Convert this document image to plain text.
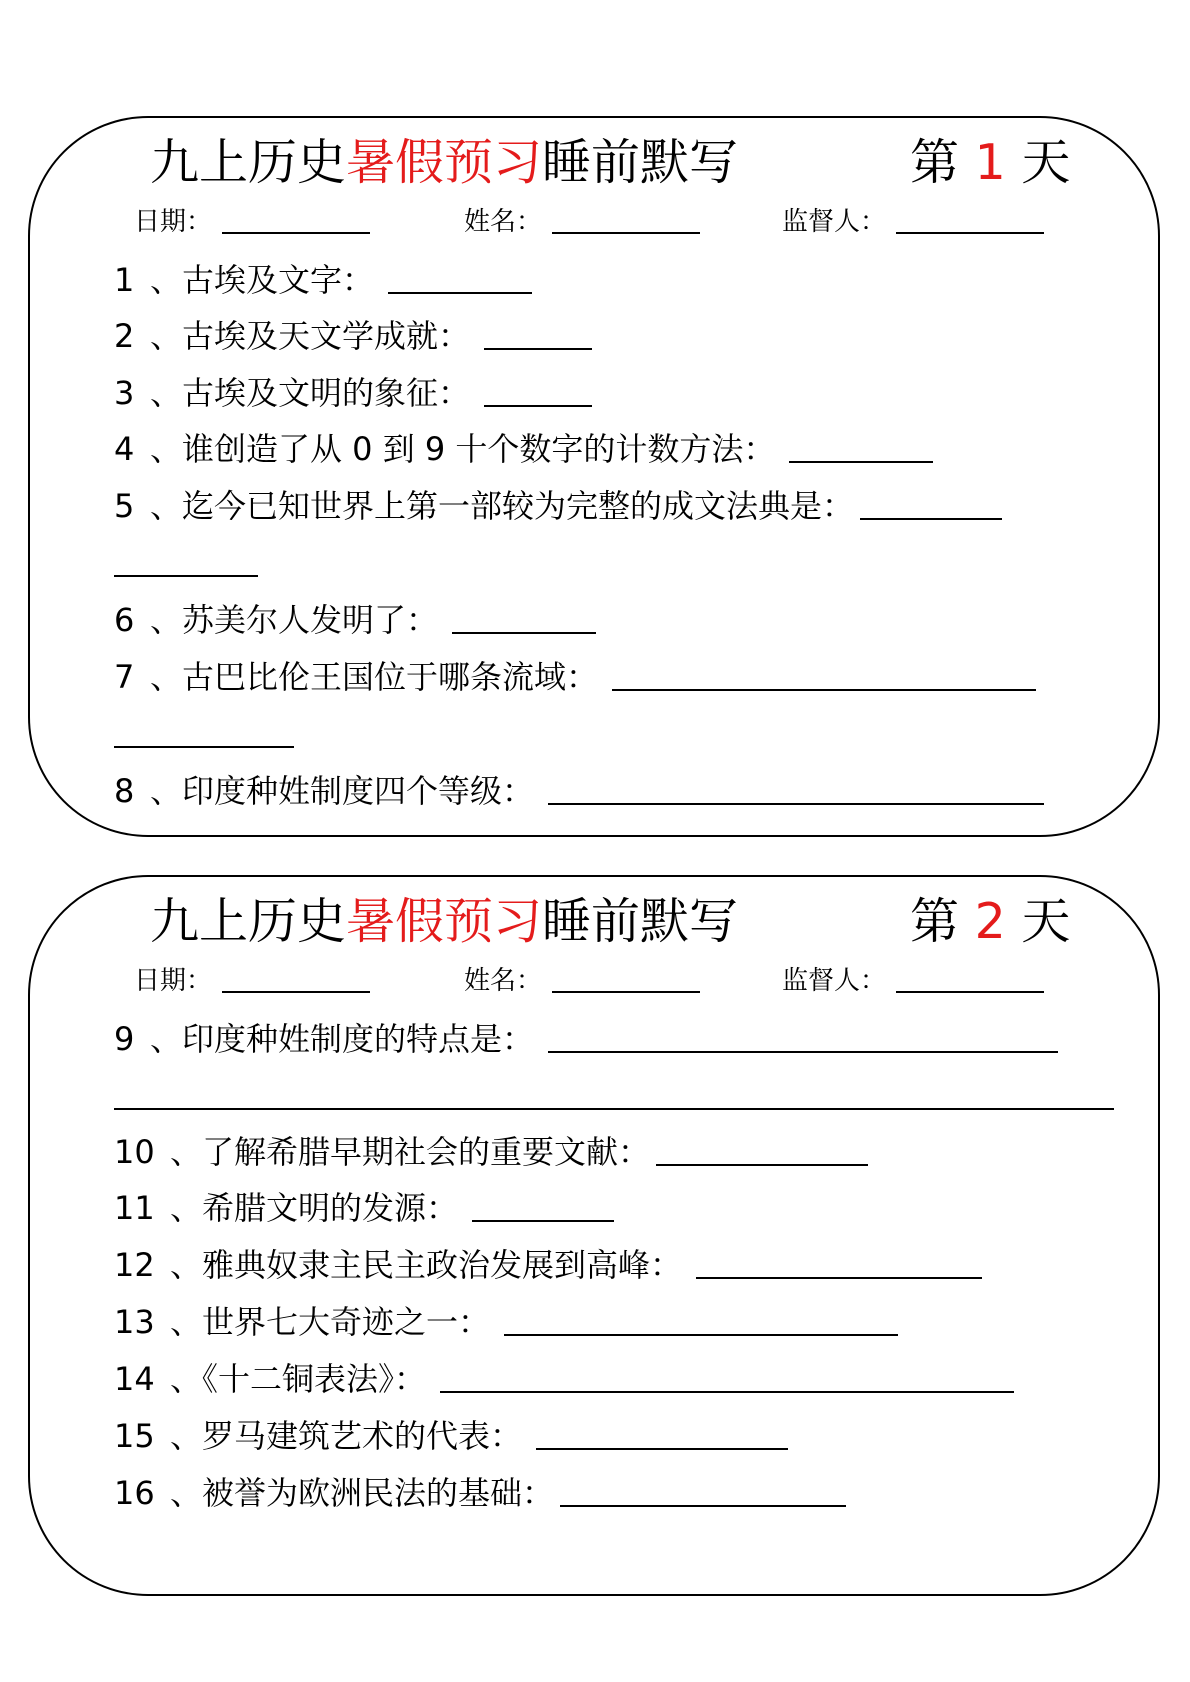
九上历史暑假预习睡前默写	第 1 天
日期：	姓名：	监督人：
1 、古埃及文字：
2 、古埃及天文学成就：
3 、古埃及文明的象征：
4 、谁创造了从 0 到 9 十个数字的计数方法：
5 、迄今已知世界上第一部较为完整的成文法典是：
6 、苏美尔人发明了：
7 、古巴比伦王国位于哪条流域：
8 、印度种姓制度四个等级：
九上历史暑假预习睡前默写	第 2 天
日期：	姓名：	监督人：
9 、印度种姓制度的特点是：
10 、了解希腊早期社会的重要文献：
11 、希腊文明的发源：
12 、雅典奴隶主民主政治发展到高峰：
13 、世界七大奇迹之一：
14 、《十二铜表法》：
15 、罗马建筑艺术的代表：
16 、被誉为欧洲民法的基础：
